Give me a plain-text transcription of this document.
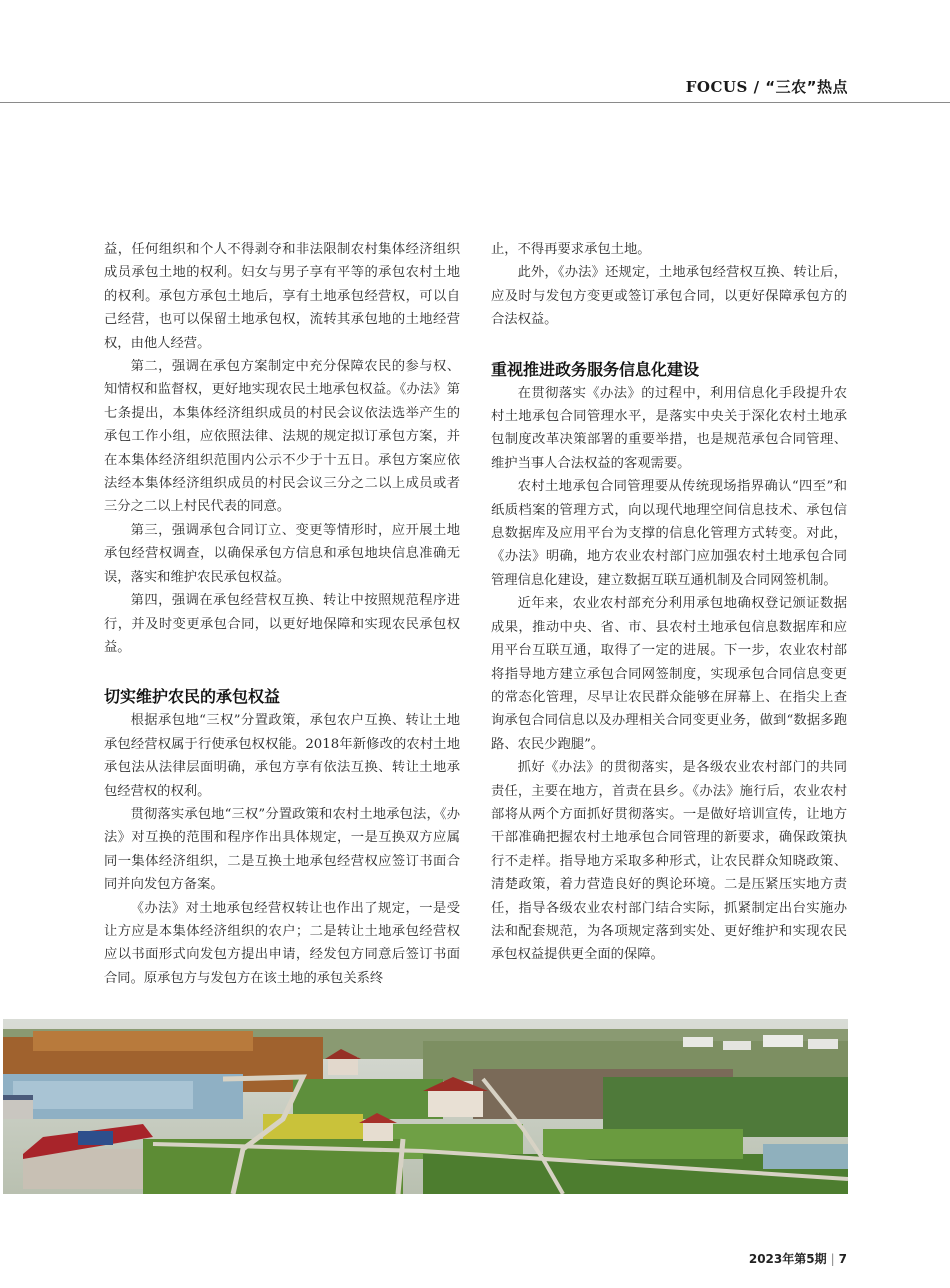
FOCUS / “三农”热点

益，任何组织和个人不得剥夺和非法限制农村集体经济组织成员承包土地的权利。妇女与男子享有平等的承包农村土地的权利。承包方承包土地后，享有土地承包经营权，可以自己经营，也可以保留土地承包权，流转其承包地的土地经营权，由他人经营。

第二，强调在承包方案制定中充分保障农民的参与权、知情权和监督权，更好地实现农民土地承包权益。《办法》第七条提出，本集体经济组织成员的村民会议依法选举产生的承包工作小组，应依照法律、法规的规定拟订承包方案，并在本集体经济组织范围内公示不少于十五日。承包方案应依法经本集体经济组织成员的村民会议三分之二以上成员或者三分之二以上村民代表的同意。

第三，强调承包合同订立、变更等情形时，应开展土地承包经营权调查，以确保承包方信息和承包地块信息准确无误，落实和维护农民承包权益。

第四，强调在承包经营权互换、转让中按照规范程序进行，并及时变更承包合同，以更好地保障和实现农民承包权益。

切实维护农民的承包权益

根据承包地“三权”分置政策，承包农户互换、转让土地承包经营权属于行使承包权权能。2018年新修改的农村土地承包法从法律层面明确，承包方享有依法互换、转让土地承包经营权的权利。

贯彻落实承包地“三权”分置政策和农村土地承包法，《办法》对互换的范围和程序作出具体规定，一是互换双方应属同一集体经济组织，二是互换土地承包经营权应签订书面合同并向发包方备案。

《办法》对土地承包经营权转让也作出了规定，一是受让方应是本集体经济组织的农户；二是转让土地承包经营权应以书面形式向发包方提出申请，经发包方同意后签订书面合同。原承包方与发包方在该土地的承包关系终

止，不得再要求承包土地。

此外，《办法》还规定，土地承包经营权互换、转让后，应及时与发包方变更或签订承包合同，以更好保障承包方的合法权益。

重视推进政务服务信息化建设

在贯彻落实《办法》的过程中，利用信息化手段提升农村土地承包合同管理水平，是落实中央关于深化农村土地承包制度改革决策部署的重要举措，也是规范承包合同管理、维护当事人合法权益的客观需要。

农村土地承包合同管理要从传统现场指界确认“四至”和纸质档案的管理方式，向以现代地理空间信息技术、承包信息数据库及应用平台为支撑的信息化管理方式转变。对此，《办法》明确，地方农业农村部门应加强农村土地承包合同管理信息化建设，建立数据互联互通机制及合同网签机制。

近年来，农业农村部充分利用承包地确权登记颁证数据成果，推动中央、省、市、县农村土地承包信息数据库和应用平台互联互通，取得了一定的进展。下一步，农业农村部将指导地方建立承包合同网签制度，实现承包合同信息变更的常态化管理，尽早让农民群众能够在屏幕上、在指尖上查询承包合同信息以及办理相关合同变更业务，做到“数据多跑路、农民少跑腿”。

抓好《办法》的贯彻落实，是各级农业农村部门的共同责任，主要在地方，首责在县乡。《办法》施行后，农业农村部将从两个方面抓好贯彻落实。一是做好培训宣传，让地方干部准确把握农村土地承包合同管理的新要求，确保政策执行不走样。指导地方采取多种形式，让农民群众知晓政策、清楚政策，着力营造良好的舆论环境。二是压紧压实地方责任，指导各级农业农村部门结合实际，抓紧制定出台实施办法和配套规范，为各项规定落到实处、更好维护和实现农民承包权益提供更全面的保障。

2023年第5期 | 7
